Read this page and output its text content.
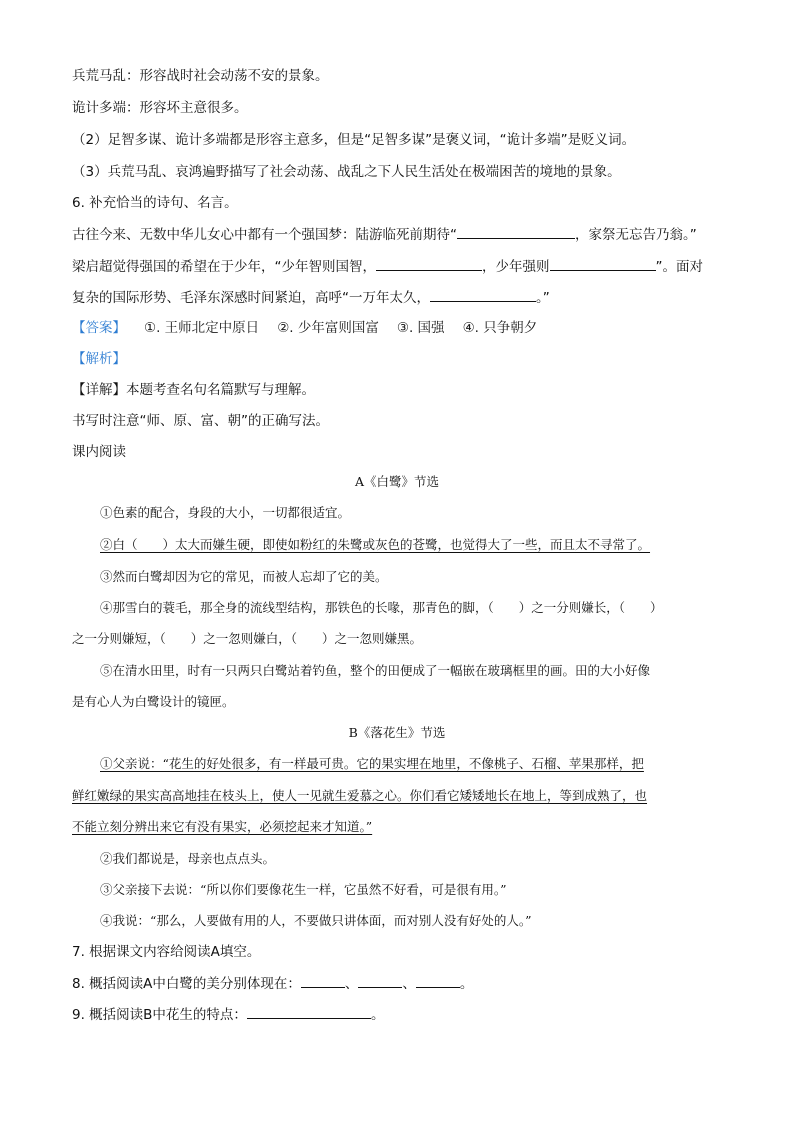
兵荒马乱：形容战时社会动荡不安的景象。
诡计多端：形容坏主意很多。
（2）足智多谋、诡计多端都是形容主意多，但是“足智多谋”是褒义词，“诡计多端”是贬义词。
（3）兵荒马乱、哀鸿遍野描写了社会动荡、战乱之下人民生活处在极端困苦的境地的景象。
6. 补充恰当的诗句、名言。
古往今来、无数中华儿女心中都有一个强国梦：陆游临死前期待“	，家祭无忘告乃翁。”
梁启超觉得强国的希望在于少年，“少年智则国智，	，少年强则	”。面对
复杂的国际形势、毛泽东深感时间紧迫，高呼“一万年太久，	。”
【答案】 ①. 王师北定中原日 ②. 少年富则国富 ③. 国强 ④. 只争朝夕
【解析】
【详解】本题考查名句名篇默写与理解。
书写时注意“师、原、富、朝”的正确写法。
课内阅读
A《白鹭》节选
①色素的配合，身段的大小，一切都很适宜。
②白（　　）太大而嫌生硬，即使如粉红的朱鹭或灰色的苍鹭，也觉得大了一些，而且太不寻常了。
③然而白鹭却因为它的常见，而被人忘却了它的美。
④那雪白的蓑毛，那全身的流线型结构，那铁色的长喙，那青色的脚，（　　）之一分则嫌长，（　　）
之一分则嫌短，（　　）之一忽则嫌白，（　　）之一忽则嫌黑。
⑤在清水田里，时有一只两只白鹭站着钓鱼，整个的田便成了一幅嵌在玻璃框里的画。田的大小好像
是有心人为白鹭设计的镜匣。
B《落花生》节选
①父亲说：“花生的好处很多，有一样最可贵。它的果实埋在地里，不像桃子、石榴、苹果那样，把
鲜红嫩绿的果实高高地挂在枝头上，使人一见就生爱慕之心。你们看它矮矮地长在地上，等到成熟了，也
不能立刻分辨出来它有没有果实，必须挖起来才知道。”
②我们都说是，母亲也点点头。
③父亲接下去说：“所以你们要像花生一样，它虽然不好看，可是很有用。”
④我说：“那么，人要做有用的人，不要做只讲体面，而对别人没有好处的人。”
7. 根据课文内容给阅读A填空。
8. 概括阅读A中白鹭的美分别体现在：	、	、	。
9. 概括阅读B中花生的特点：	。
